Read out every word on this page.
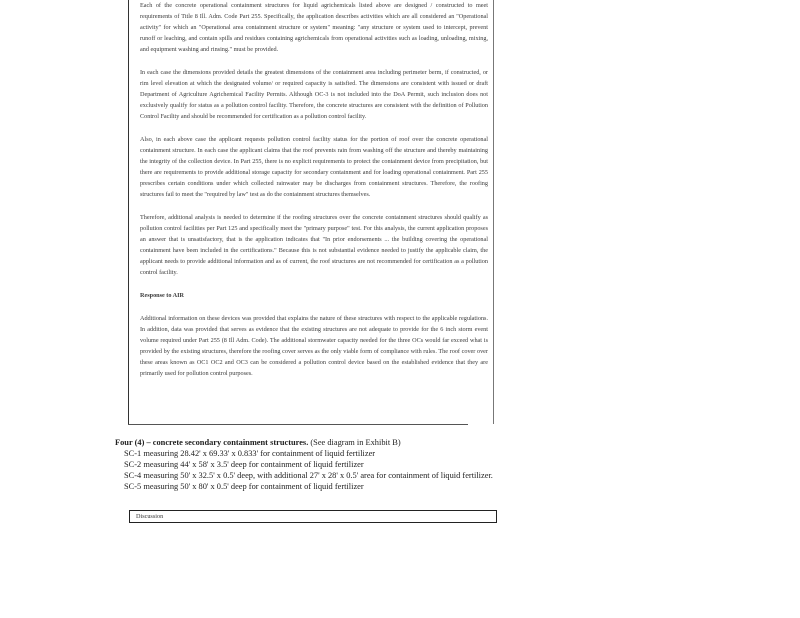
Each of the concrete operational containment structures for liquid agrichemicals listed above are designed / constructed to meet requirements of Title 8 Ill. Adm. Code Part 255. Specifically, the application describes activities which are all considered an "Operational activity" for which an "Operational area containment structure or system" meaning: "any structure or system used to intercept, prevent runoff or leaching, and contain spills and residues containing agrichemicals from operational activities such as loading, unloading, mixing, and equipment washing and rinsing." must be provided.

In each case the dimensions provided details the greatest dimensions of the containment area including perimeter berm, if constructed, or rim level elevation at which the designated volume/ or required capacity is satisfied. The dimensions are consistent with issued or draft Department of Agriculture Agrichemical Facility Permits. Although OC-3 is not included into the DoA Permit, such inclusion does not exclusively qualify for status as a pollution control facility. Therefore, the concrete structures are consistent with the definition of Pollution Control Facility and should be recommended for certification as a pollution control facility.

Also, in each above case the applicant requests pollution control facility status for the portion of roof over the concrete operational containment structure. In each case the applicant claims that the roof prevents rain from washing off the structure and thereby maintaining the integrity of the collection device. In Part 255, there is no explicit requirements to protect the containment device from precipitation, but there are requirements to provide additional storage capacity for secondary containment and for loading operational containment. Part 255 prescribes certain conditions under which collected rainwater may be discharges from containment structures. Therefore, the roofing structures fail to meet the "required by law" test as do the containment structures themselves.

Therefore, additional analysis is needed to determine if the roofing structures over the concrete containment structures should qualify as pollution control facilities per Part 125 and specifically meet the "primary purpose" test. For this analysis, the current application proposes an answer that is unsatisfactory, that is the application indicates that "In prior endorsements ... the building covering the operational containment have been included in the certifications." Because this is not substantial evidence needed to justify the applicable claim, the applicant needs to provide additional information and as of current, the roof structures are not recommended for certification as a pollution control facility.

Response to AIR

Additional information on these devices was provided that explains the nature of these structures with respect to the applicable regulations. In addition, data was provided that serves as evidence that the existing structures are not adequate to provide for the 6 inch storm event volume required under Part 255 (8 Ill Adm. Code). The additional stormwater capacity needed for the three OCs would far exceed what is provided by the existing structures, therefore the roofing cover serves as the only viable form of compliance with rules. The roof cover over these areas known as OC1 OC2 and OC3 can be considered a pollution control device based on the established evidence that they are primarily used for pollution control purposes.

Four (4) – concrete secondary containment structures. (See diagram in Exhibit B)
SC-1 measuring 28.42' x 69.33' x 0.833' for containment of liquid fertilizer
SC-2 measuring 44' x 58' x 3.5' deep for containment of liquid fertilizer
SC-4 measuring 50' x 32.5' x 0.5' deep, with additional 27' x 28' x 0.5' area for containment of liquid fertilizer.
SC-5 measuring 50' x 80' x 0.5' deep for containment of liquid fertilizer
Discussion
